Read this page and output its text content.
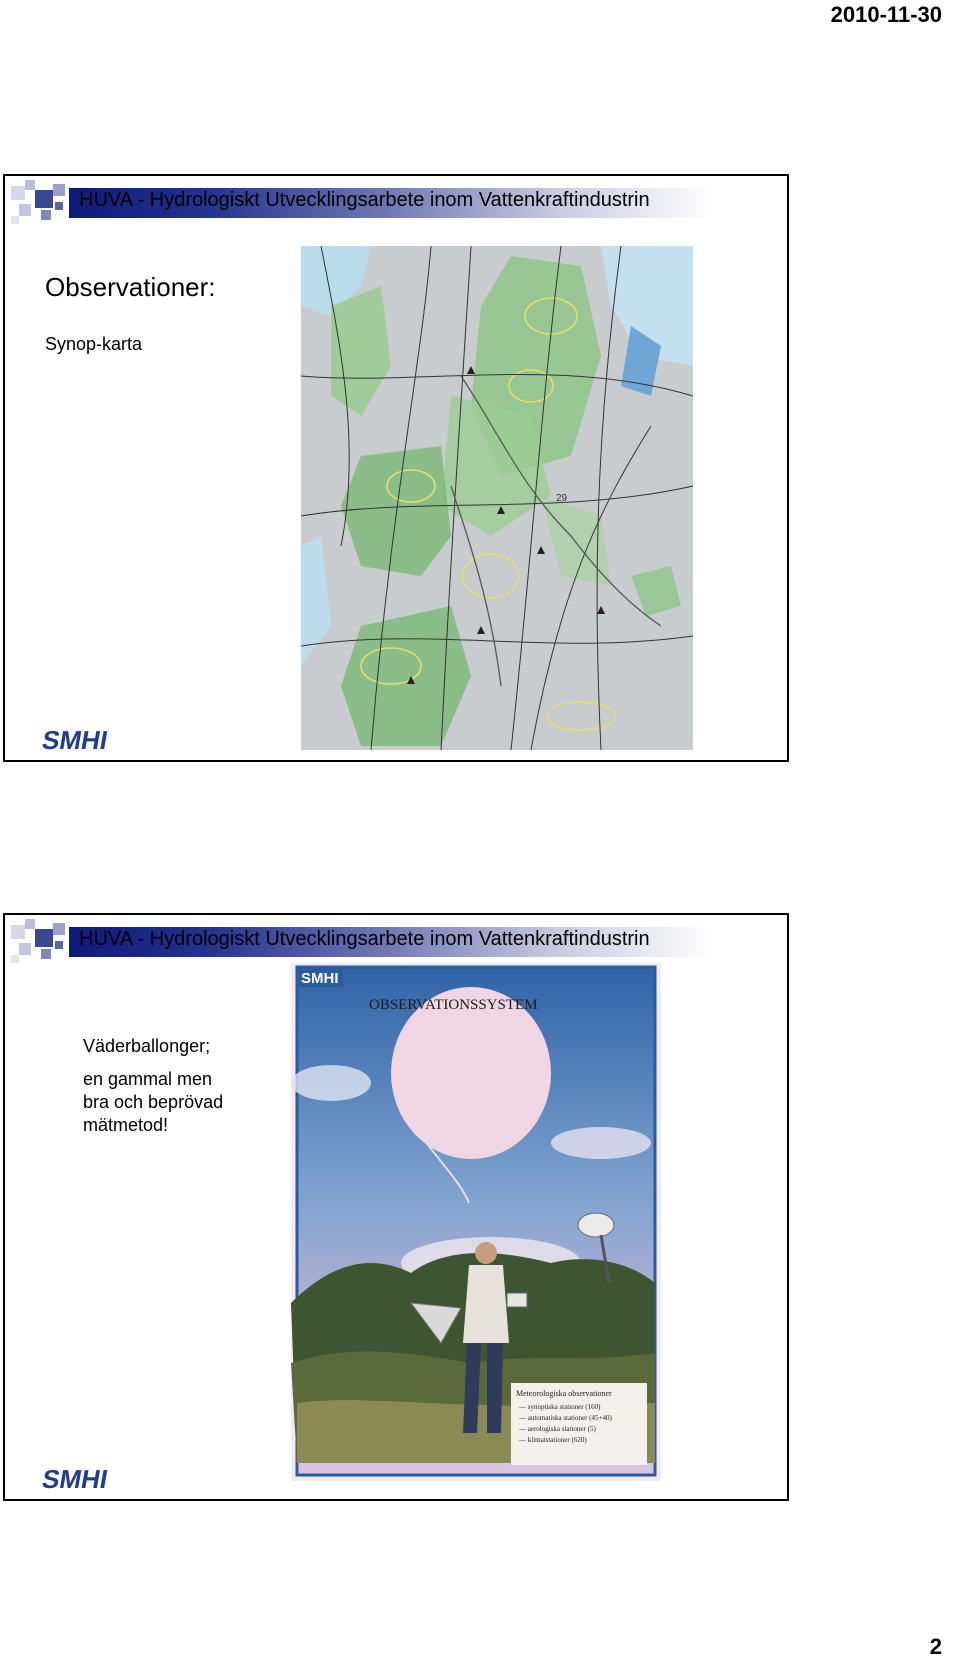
2010-11-30
HUVA - Hydrologiskt Utvecklingsarbete inom Vattenkraftindustrin
Observationer:
Synop-karta
29
SMHI
HUVA - Hydrologiskt Utvecklingsarbete inom Vattenkraftindustrin
Väderballonger;
en gammal men
bra och beprövad
mätmetod!
SMHI
OBSERVATIONSSYSTEM
Meteorologiska observationer
— synoptiska stationer (160)
— automatiska stationer (45+40)
— aerologiska stationer (5)
— klimatstationer (620)
SMHI
2
